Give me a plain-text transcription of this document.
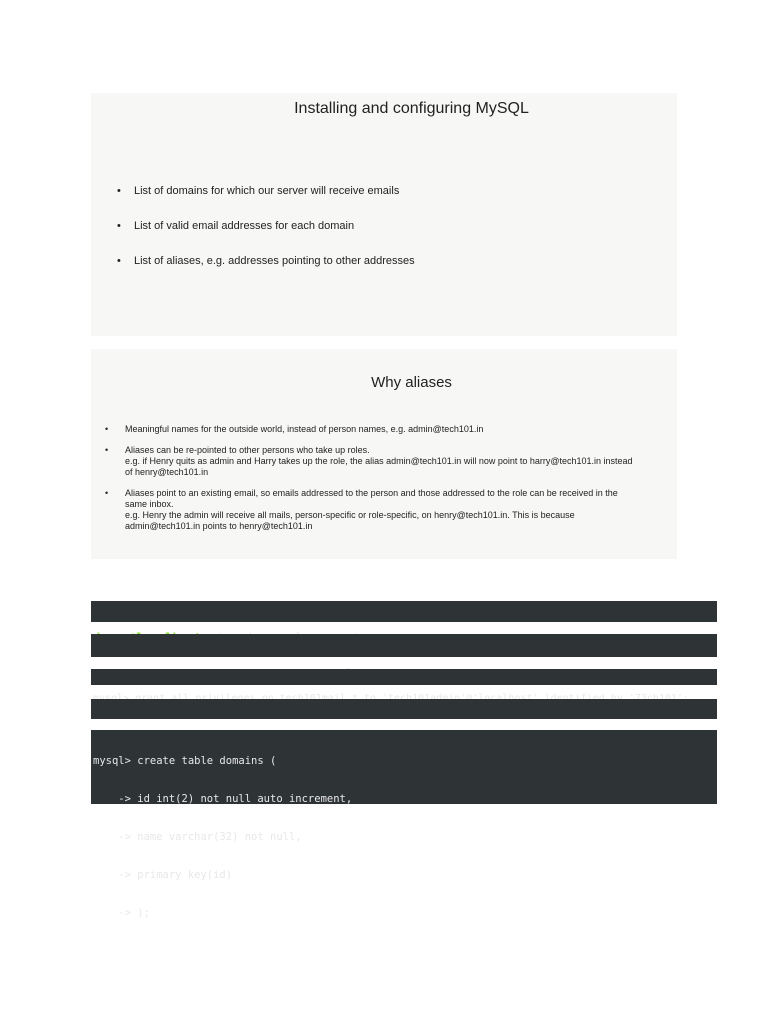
Installing and configuring MySQL
• List of domains for which our server will receive emails
• List of valid email addresses for each domain
• List of aliases, e.g. addresses pointing to other addresses
Why aliases
• Meaningful names for the outside world, instead of person names, e.g. admin@tech101.in
• Aliases can be re-pointed to other persons who take up roles.
e.g. if Henry quits as admin and Harry takes up the role, the alias admin@tech101.in will now point to harry@tech101.in instead
of henry@tech101.in
• Aliases point to an existing email, so emails addressed to the person and those addressed to the role can be received in the
same inbox.
e.g. Henry the admin will receive all mails, person-specific or role-specific, on henry@tech101.in. This is because
admin@tech101.in points to henry@tech101.in

mysql> create table domains (

-> id int(2) not null auto_increment,

-> name varchar(32) not null,

-> primary key(id)

-> );
